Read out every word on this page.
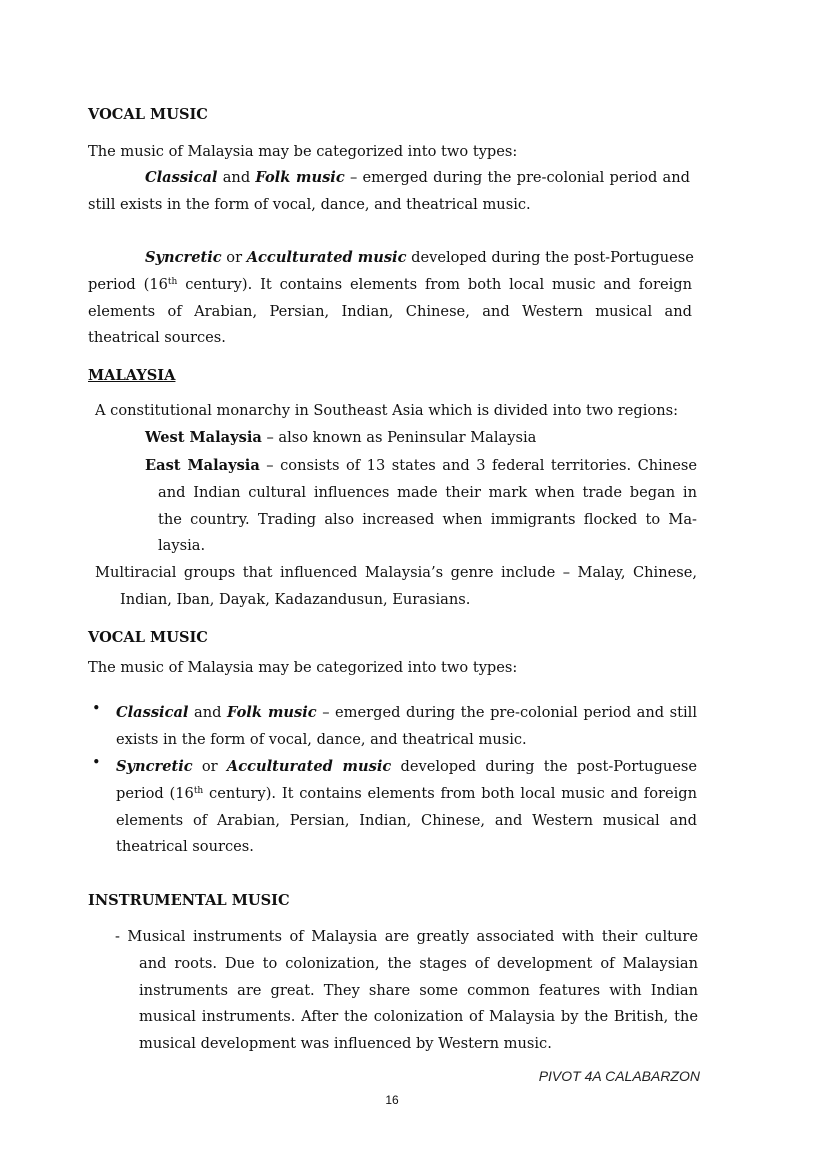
VOCAL MUSIC
The music of Malaysia may be categorized into two types:
Classical and Folk music – emerged during the pre-colonial period and
still exists in the form of vocal, dance, and theatrical music.
Syncretic or Acculturated music developed during the post-Portuguese
period (16th century). It contains elements from both local music and foreign
elements of Arabian, Persian, Indian, Chinese, and Western musical and
theatrical sources.
MALAYSIA
A constitutional monarchy in Southeast Asia which is divided into two regions:
West Malaysia – also known as Peninsular Malaysia
East Malaysia – consists of 13 states and 3 federal territories. Chinese
and Indian cultural influences made their mark when trade began in
the country. Trading also increased when immigrants flocked to Ma-
laysia.
Multiracial groups that influenced Malaysia’s genre include – Malay, Chinese,
Indian, Iban, Dayak, Kadazandusun, Eurasians.
VOCAL MUSIC
The music of Malaysia may be categorized into two types:
• Classical and Folk music – emerged during the pre-colonial period and still
exists in the form of vocal, dance, and theatrical music.
• Syncretic or Acculturated music developed during the post-Portuguese
period (16th century). It contains elements from both local music and foreign
elements of Arabian, Persian, Indian, Chinese, and Western musical and
theatrical sources.
INSTRUMENTAL MUSIC
- Musical instruments of Malaysia are greatly associated with their culture
and roots. Due to colonization, the stages of development of Malaysian
instruments are great. They share some common features with Indian
musical instruments. After the colonization of Malaysia by the British, the
musical development was influenced by Western music.
PIVOT 4A CALABARZON
16
